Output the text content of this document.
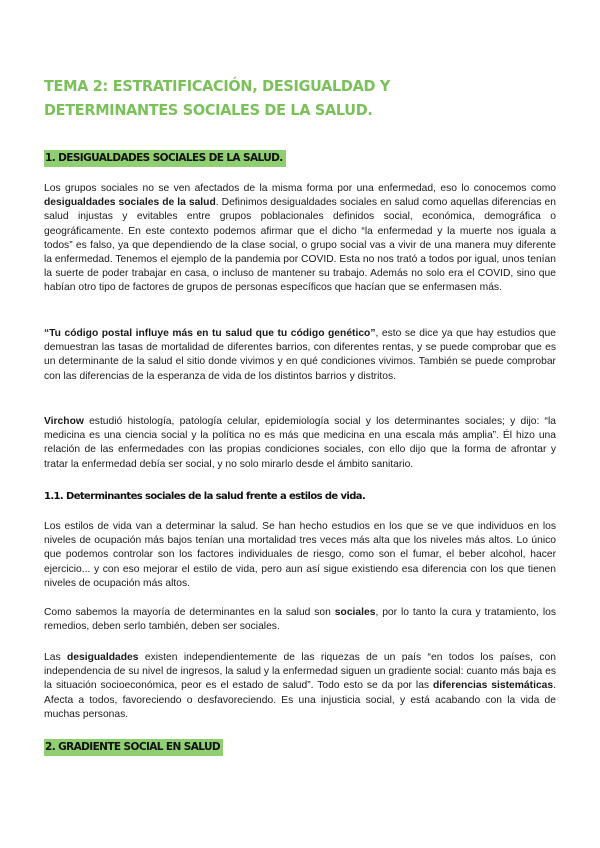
TEMA 2: ESTRATIFICACIÓN, DESIGUALDAD Y DETERMINANTES SOCIALES DE LA SALUD.
1. DESIGUALDADES SOCIALES DE LA SALUD.

Los grupos sociales no se ven afectados de la misma forma por una enfermedad, eso lo conocemos como desigualdades sociales de la salud. Definimos desigualdades sociales en salud como aquellas diferencias en salud injustas y evitables entre grupos poblacionales definidos social, económica, demográfica o geográficamente. En este contexto podemos afirmar que el dicho “la enfermedad y la muerte nos iguala a todos” es falso, ya que dependiendo de la clase social, o grupo social vas a vivir de una manera muy diferente la enfermedad. Tenemos el ejemplo de la pandemia por COVID. Esta no nos trató a todos por igual, unos tenían la suerte de poder trabajar en casa, o incluso de mantener su trabajo. Además no solo era el COVID, sino que habían otro tipo de factores de grupos de personas específicos que hacían que se enfermasen más.

“Tu código postal influye más en tu salud que tu código genético”, esto se dice ya que hay estudios que demuestran las tasas de mortalidad de diferentes barrios, con diferentes rentas, y se puede comprobar que es un determinante de la salud el sitio donde vivimos y en qué condiciones vivimos. También se puede comprobar con las diferencias de la esperanza de vida de los distintos barrios y distritos.

Virchow estudió histología, patología celular, epidemiología social y los determinantes sociales; y dijo: “la medicina es una ciencia social y la política no es más que medicina en una escala más amplia”. Él hizo una relación de las enfermedades con las propias condiciones sociales, con ello dijo que la forma de afrontar y tratar la enfermedad debía ser social, y no solo mirarlo desde el ámbito sanitario.

1.1. Determinantes sociales de la salud frente a estilos de vida.

Los estilos de vida van a determinar la salud. Se han hecho estudios en los que se ve que individuos en los niveles de ocupación más bajos tenían una mortalidad tres veces más alta que los niveles más altos. Lo único que podemos controlar son los factores individuales de riesgo, como son el fumar, el beber alcohol, hacer ejercicio... y con eso mejorar el estilo de vida, pero aun así sigue existiendo esa diferencia con los que tienen niveles de ocupación más altos.

Como sabemos la mayoría de determinantes en la salud son sociales, por lo tanto la cura y tratamiento, los remedios, deben serlo también, deben ser sociales.

Las desigualdades existen independientemente de las riquezas de un país “en todos los países, con independencia de su nivel de ingresos, la salud y la enfermedad siguen un gradiente social: cuanto más baja es la situación socioeconómica, peor es el estado de salud”. Todo esto se da por las diferencias sistemáticas. Afecta a todos, favoreciendo o desfavoreciendo. Es una injusticia social, y está acabando con la vida de muchas personas.

2. GRADIENTE SOCIAL EN SALUD
